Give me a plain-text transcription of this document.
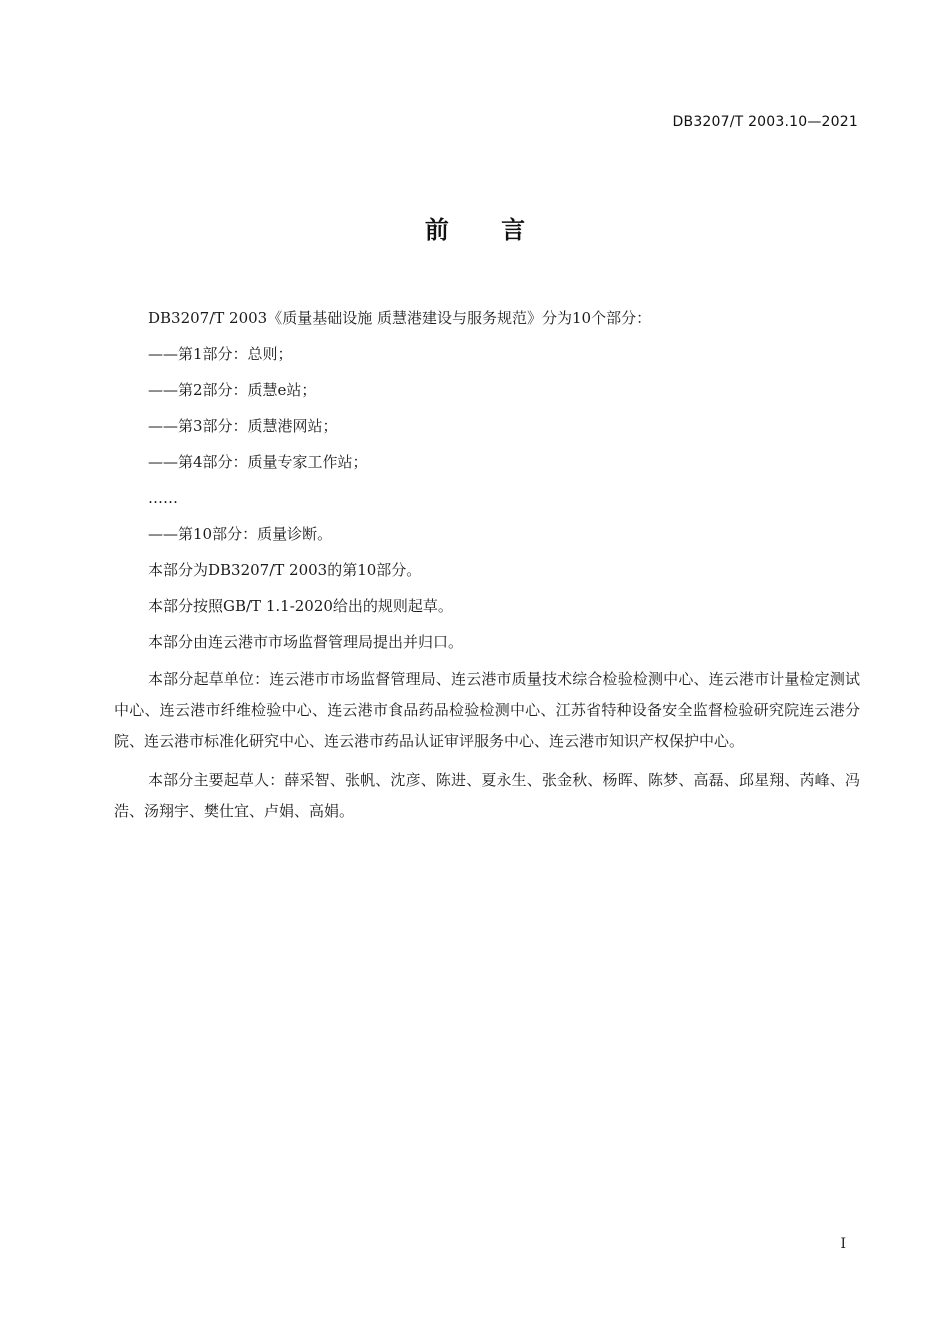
DB3207/T 2003.10—2021
前 言

DB3207/T 2003《质量基础设施 质慧港建设与服务规范》分为10个部分：

——第1部分：总则；

——第2部分：质慧e站；

——第3部分：质慧港网站；

——第4部分：质量专家工作站；

……

——第10部分：质量诊断。

本部分为DB3207/T 2003的第10部分。

本部分按照GB/T 1.1-2020给出的规则起草。

本部分由连云港市市场监督管理局提出并归口。

本部分起草单位：连云港市市场监督管理局、连云港市质量技术综合检验检测中心、连云港市计量检定测试中心、连云港市纤维检验中心、连云港市食品药品检验检测中心、江苏省特种设备安全监督检验研究院连云港分院、连云港市标准化研究中心、连云港市药品认证审评服务中心、连云港市知识产权保护中心。

本部分主要起草人：薛采智、张帆、沈彦、陈进、夏永生、张金秋、杨晖、陈梦、高磊、邱星翔、芮峰、冯浩、汤翔宇、樊仕宜、卢娟、高娟。

I
